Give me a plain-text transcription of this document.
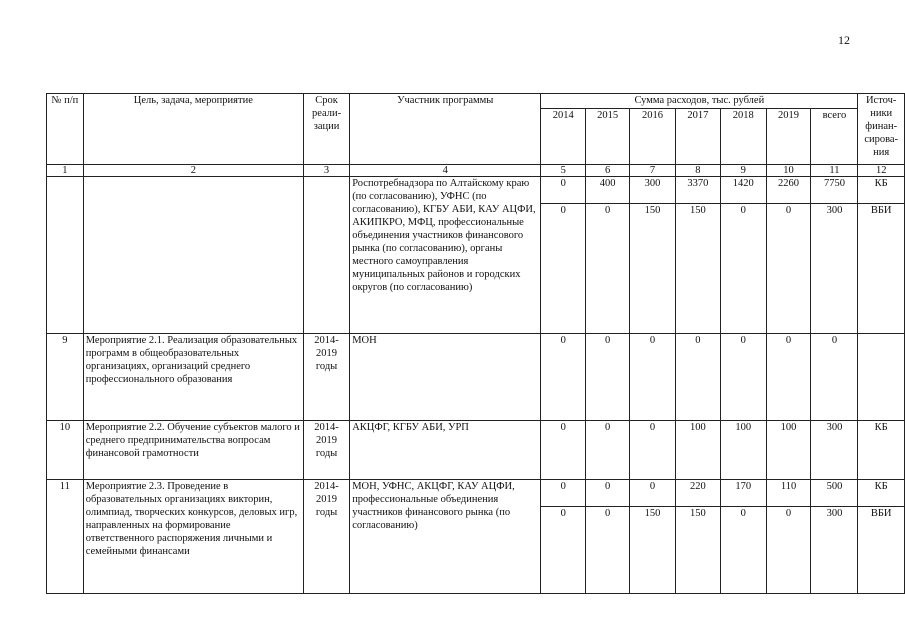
12
№ п/п	Цель, задача, мероприятие	Срок реали-зации	Участник программы	Сумма расходов, тыс. рублей							Источ-ники финан-сирова-ния
				2014	2015	2016	2017	2018	2019	всего	
1	2	3	4	5	6	7	8	9	10	11	12
			Роспотребнадзора по Алтайскому краю (по согласованию), УФНС (по согласованию), КГБУ АБИ, КАУ АЦФИ, АКИПКРО, МФЦ, профессиональные объединения участников финансового рынка (по согласованию), органы местного самоуправления муниципальных районов и городских округов (по согласованию)	0	400	300	3370	1420	2260	7750	КБ
				0	0	150	150	0	0	300	ВБИ
9	Мероприятие 2.1. Реализация образовательных программ в общеобразовательных организациях, организаций среднего профессионального образования	2014-2019 годы	МОН	0	0	0	0	0	0	0	
10	Мероприятие 2.2. Обучение субъектов малого и среднего предпринимательства вопросам финансовой грамотности	2014-2019 годы	АКЦФГ, КГБУ АБИ, УРП	0	0	0	100	100	100	300	КБ
11	Мероприятие 2.3. Проведение в образовательных организациях викторин, олимпиад, творческих конкурсов, деловых игр, направленных на формирование ответственного распоряжения личными и семейными финансами	2014-2019 годы	МОН, УФНС, АКЦФГ, КАУ АЦФИ, профессиональные объединения участников финансового рынка (по согласованию)	0	0	0	220	170	110	500	КБ
				0	0	150	150	0	0	300	ВБИ
